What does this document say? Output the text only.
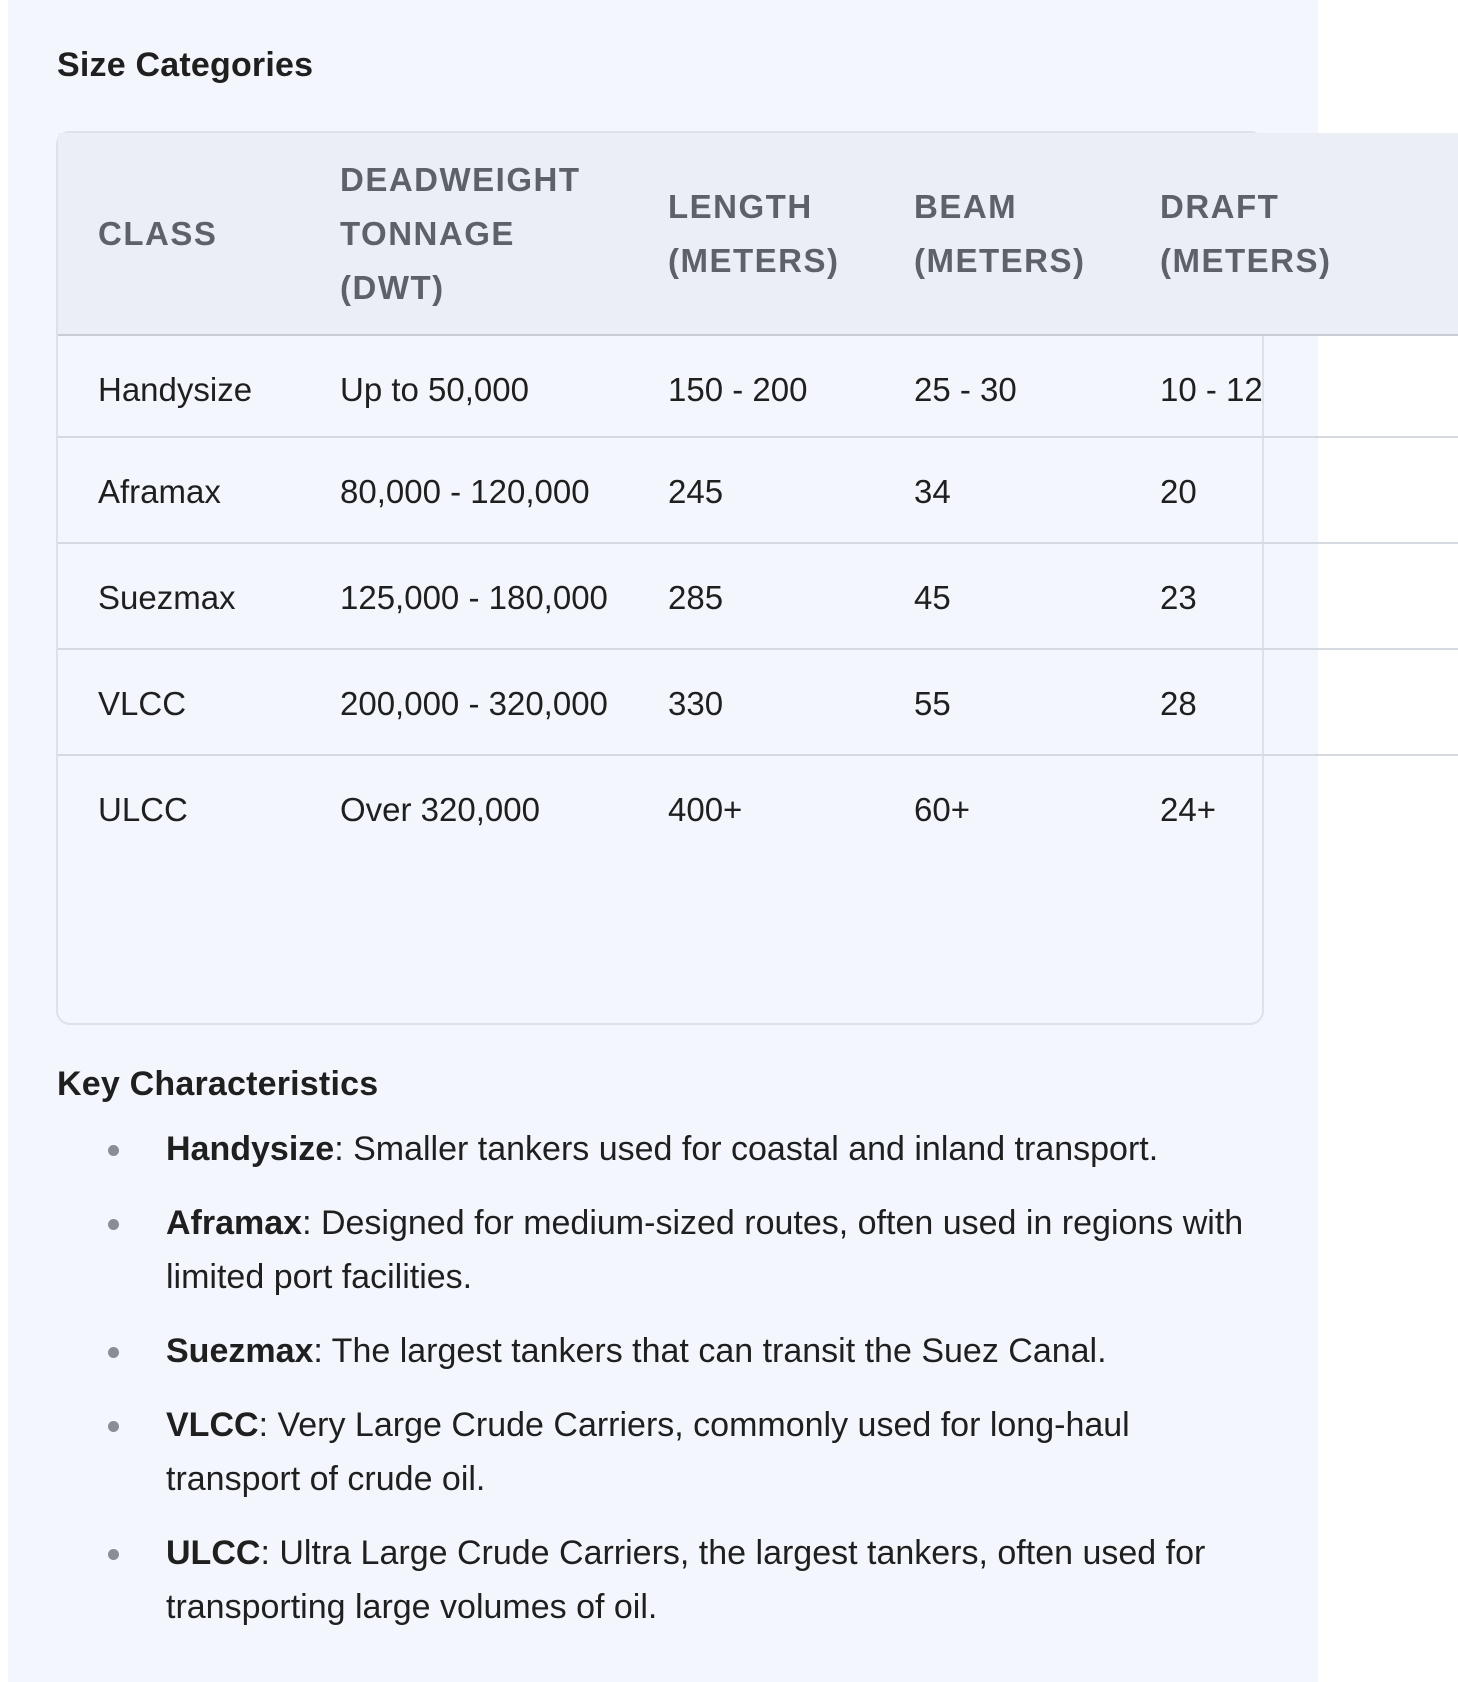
Size Categories
CLASS	DEADWEIGHT TONNAGE (DWT)	LENGTH (METERS)	BEAM (METERS)	DRAFT (METERS)
Handysize	Up to 50,000	150 - 200	25 - 30	10 - 12
Aframax	80,000 - 120,000	245	34	20
Suezmax	125,000 - 180,000	285	45	23
VLCC	200,000 - 320,000	330	55	28
ULCC	Over 320,000	400+	60+	24+
Key Characteristics
Handysize: Smaller tankers used for coastal and inland transport.
Aframax: Designed for medium-sized routes, often used in regions with limited port facilities.
Suezmax: The largest tankers that can transit the Suez Canal.
VLCC: Very Large Crude Carriers, commonly used for long-haul transport of crude oil.
ULCC: Ultra Large Crude Carriers, the largest tankers, often used for transporting large volumes of oil.
